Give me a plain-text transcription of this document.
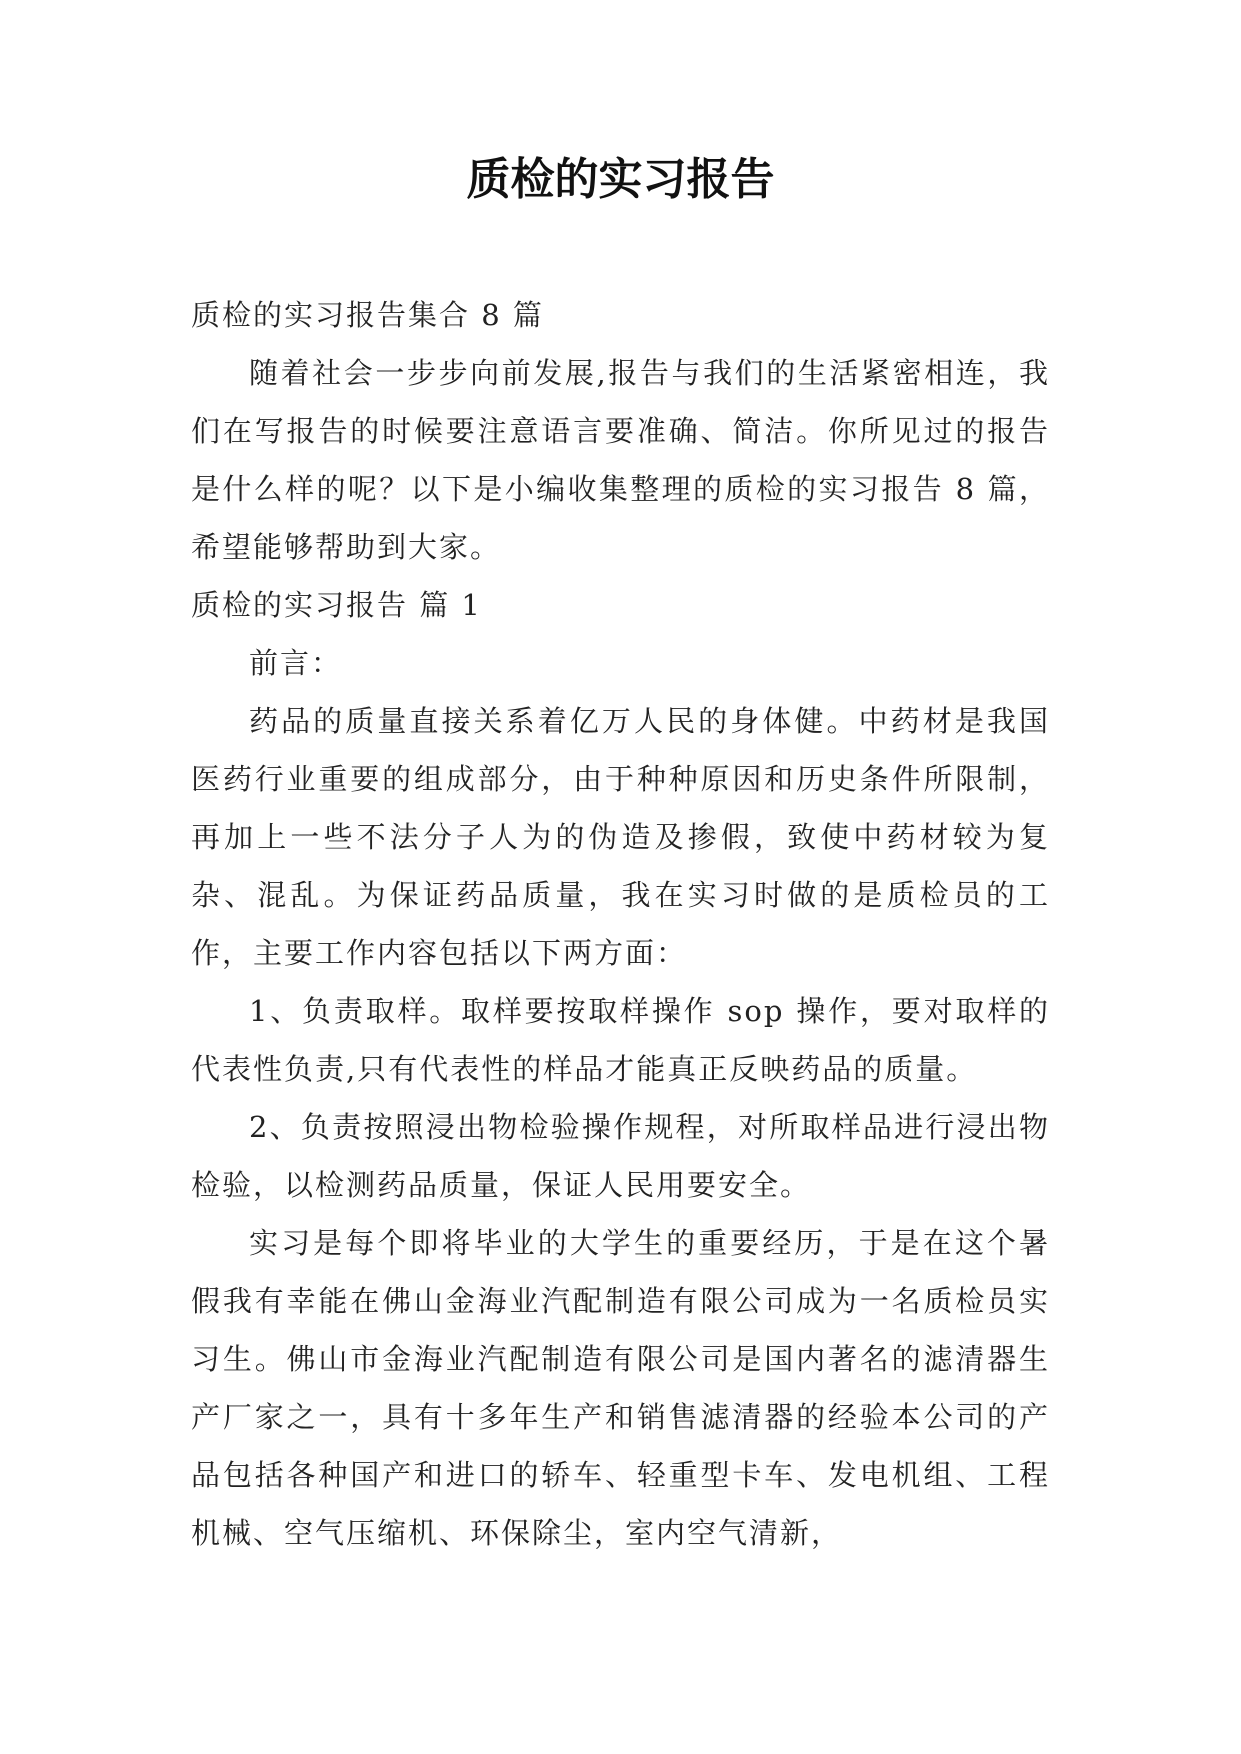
质检的实习报告
质检的实习报告集合 8 篇

随着社会一步步向前发展,报告与我们的生活紧密相连，我们在写报告的时候要注意语言要准确、简洁。你所见过的报告是什么样的呢？以下是小编收集整理的质检的实习报告 8 篇，希望能够帮助到大家。

质检的实习报告 篇 1

前言：

药品的质量直接关系着亿万人民的身体健。中药材是我国医药行业重要的组成部分，由于种种原因和历史条件所限制，再加上一些不法分子人为的伪造及掺假，致使中药材较为复杂、混乱。为保证药品质量，我在实习时做的是质检员的工作，主要工作内容包括以下两方面：

1、负责取样。取样要按取样操作 sop 操作，要对取样的代表性负责,只有代表性的样品才能真正反映药品的质量。

2、负责按照浸出物检验操作规程，对所取样品进行浸出物检验，以检测药品质量，保证人民用要安全。

实习是每个即将毕业的大学生的重要经历，于是在这个暑假我有幸能在佛山金海业汽配制造有限公司成为一名质检员实习生。佛山市金海业汽配制造有限公司是国内著名的滤清器生产厂家之一，具有十多年生产和销售滤清器的经验本公司的产品包括各种国产和进口的轿车、轻重型卡车、发电机组、工程机械、空气压缩机、环保除尘，室内空气清新，
